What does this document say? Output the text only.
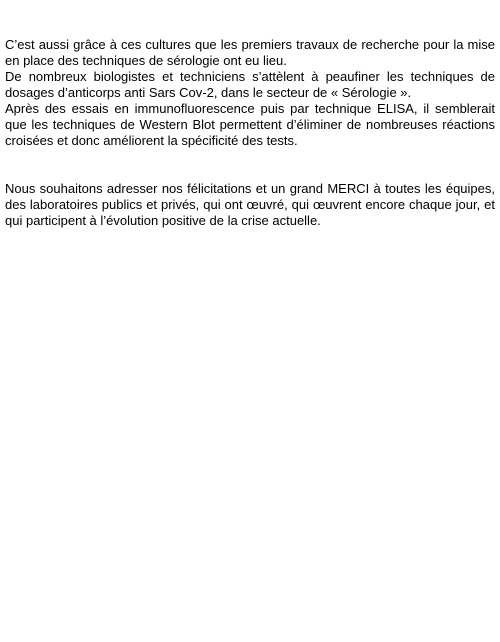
C’est aussi grâce à ces cultures que les premiers travaux de recherche pour la mise en place des techniques de sérologie ont eu lieu.

De nombreux biologistes et techniciens s’attèlent à peaufiner les techniques de dosages d’anticorps anti Sars Cov-2, dans le secteur de « Sérologie ».

Après des essais en immunofluorescence puis par technique ELISA, il semblerait que les techniques de Western Blot permettent d’éliminer de nombreuses réactions croisées et donc améliorent la spécificité des tests.

Nous souhaitons adresser nos félicitations et un grand MERCI à toutes les équipes, des laboratoires publics et privés, qui ont œuvré, qui œuvrent encore chaque jour, et qui participent à l’évolution positive de la crise actuelle.
